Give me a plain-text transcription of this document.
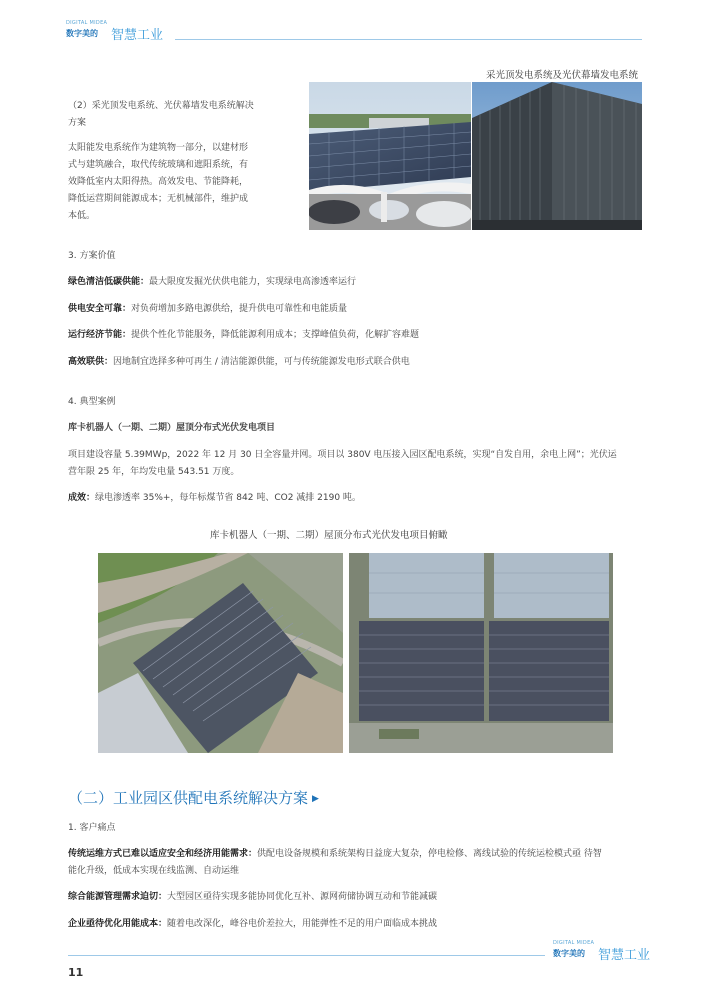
DIGITAL MIDEA
数字美的 智慧工业
采光顶发电系统及光伏幕墙发电系统
（2）采光顶发电系统、光伏幕墙发电系统解决
方案
太阳能发电系统作为建筑物一部分，以建材形
式与建筑融合，取代传统玻璃和遮阳系统，有
效降低室内太阳得热。高效发电、节能降耗，
降低运营期间能源成本；无机械部件，维护成
本低。
3. 方案价值
绿色清洁低碳供能：最大限度发掘光伏供电能力，实现绿电高渗透率运行
供电安全可靠：对负荷增加多路电源供给，提升供电可靠性和电能质量
运行经济节能：提供个性化节能服务，降低能源利用成本；支撑峰值负荷，化解扩容难题
高效联供：因地制宜选择多种可再生 / 清洁能源供能，可与传统能源发电形式联合供电
4. 典型案例
库卡机器人（一期、二期）屋顶分布式光伏发电项目
项目建设容量 5.39MWp，2022 年 12 月 30 日全容量并网。项目以 380V 电压接入园区配电系统，实现“自发自用，余电上网”；光伏运
营年限 25 年，年均发电量 543.51 万度。
成效：绿电渗透率 35%+，每年标煤节省 842 吨、CO2 减排 2190 吨。
库卡机器人（一期、二期）屋顶分布式光伏发电项目俯瞰
（二）工业园区供配电系统解决方案 ▶
1. 客户痛点
传统运维方式已难以适应安全和经济用能需求：供配电设备规模和系统架构日益庞大复杂，停电检修、离线试验的传统运检模式亟 待智
能化升级，低成本实现在线监测、自动运维
综合能源管理需求迫切：大型园区亟待实现多能协同优化互补、源网荷储协调互动和节能减碳
企业亟待优化用能成本：随着电改深化，峰谷电价差拉大，用能弹性不足的用户面临成本挑战
DIGITAL MIDEA
数字美的 智慧工业
11
